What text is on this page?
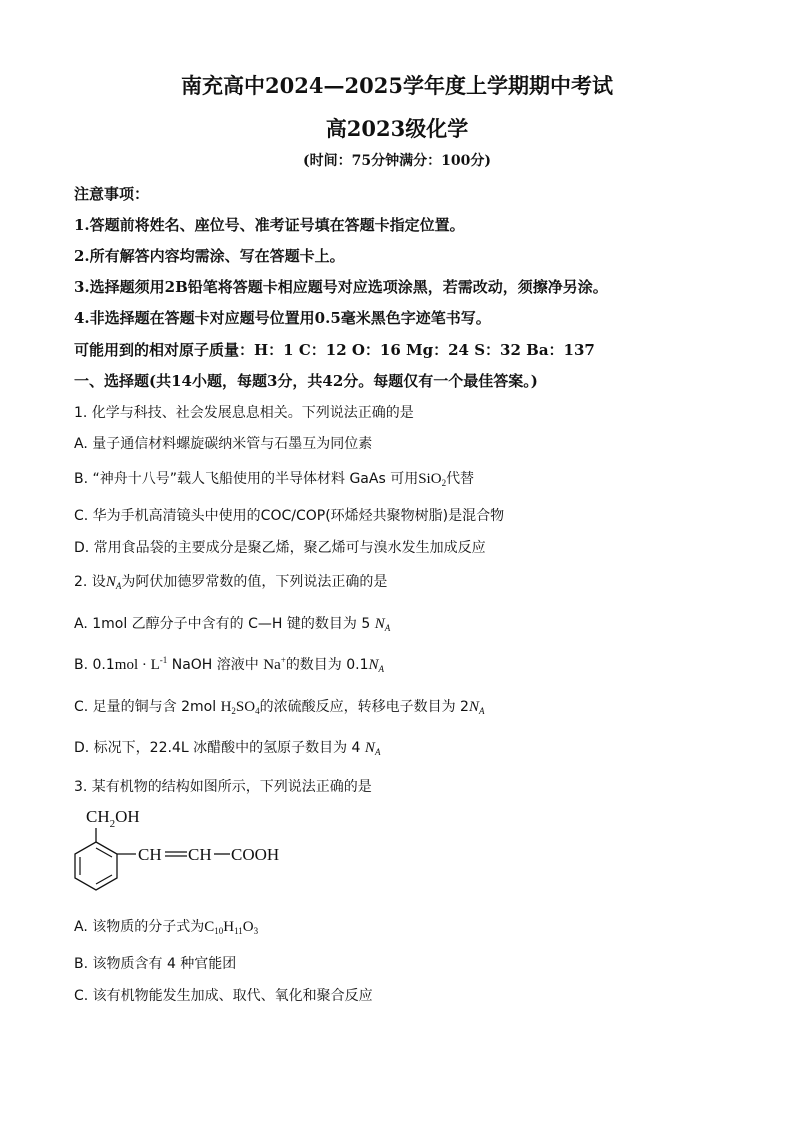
南充高中2024—2025学年度上学期期中考试
高2023级化学
(时间：75分钟满分：100分)
注意事项：
1.答题前将姓名、座位号、准考证号填在答题卡指定位置。
2.所有解答内容均需涂、写在答题卡上。
3.选择题须用2B铅笔将答题卡相应题号对应选项涂黑，若需改动，须擦净另涂。
4.非选择题在答题卡对应题号位置用0.5毫米黑色字迹笔书写。
可能用到的相对原子质量：H：1 C：12 O：16 Mg：24 S：32 Ba：137
一、选择题(共14小题，每题3分，共42分。每题仅有一个最佳答案。)
1. 化学与科技、社会发展息息相关。下列说法正确的是
A. 量子通信材料螺旋碳纳米管与石墨互为同位素
B. “神舟十八号”载人飞船使用的半导体材料 GaAs 可用SiO$_2$代替
C. 华为手机高清镜头中使用的COC/COP(环烯烃共聚物树脂)是混合物
D. 常用食品袋的主要成分是聚乙烯，聚乙烯可与溴水发生加成反应
2. 设$N_A$为阿伏加德罗常数的值，下列说法正确的是
A. 1mol 乙醇分子中含有的 C—H 键的数目为 5 $N_A$
B. $0.1mol \cdot L^{-1}$ NaOH 溶液中 Na+的数目为 $0.1N_A$
C. 足量的铜与含 2mol $H_2SO_4$的浓硫酸反应，转移电子数目为 $2N_A$
D. 标况下，22.4L 冰醋酸中的氢原子数目为 4 $N_A$
3. 某有机物的结构如图所示，下列说法正确的是
$CH_2OH$
CH CH COOH
A. 该物质的分子式为$C_{10}H_{11}O_3$
B. 该物质含有 4 种官能团
C. 该有机物能发生加成、取代、氧化和聚合反应
